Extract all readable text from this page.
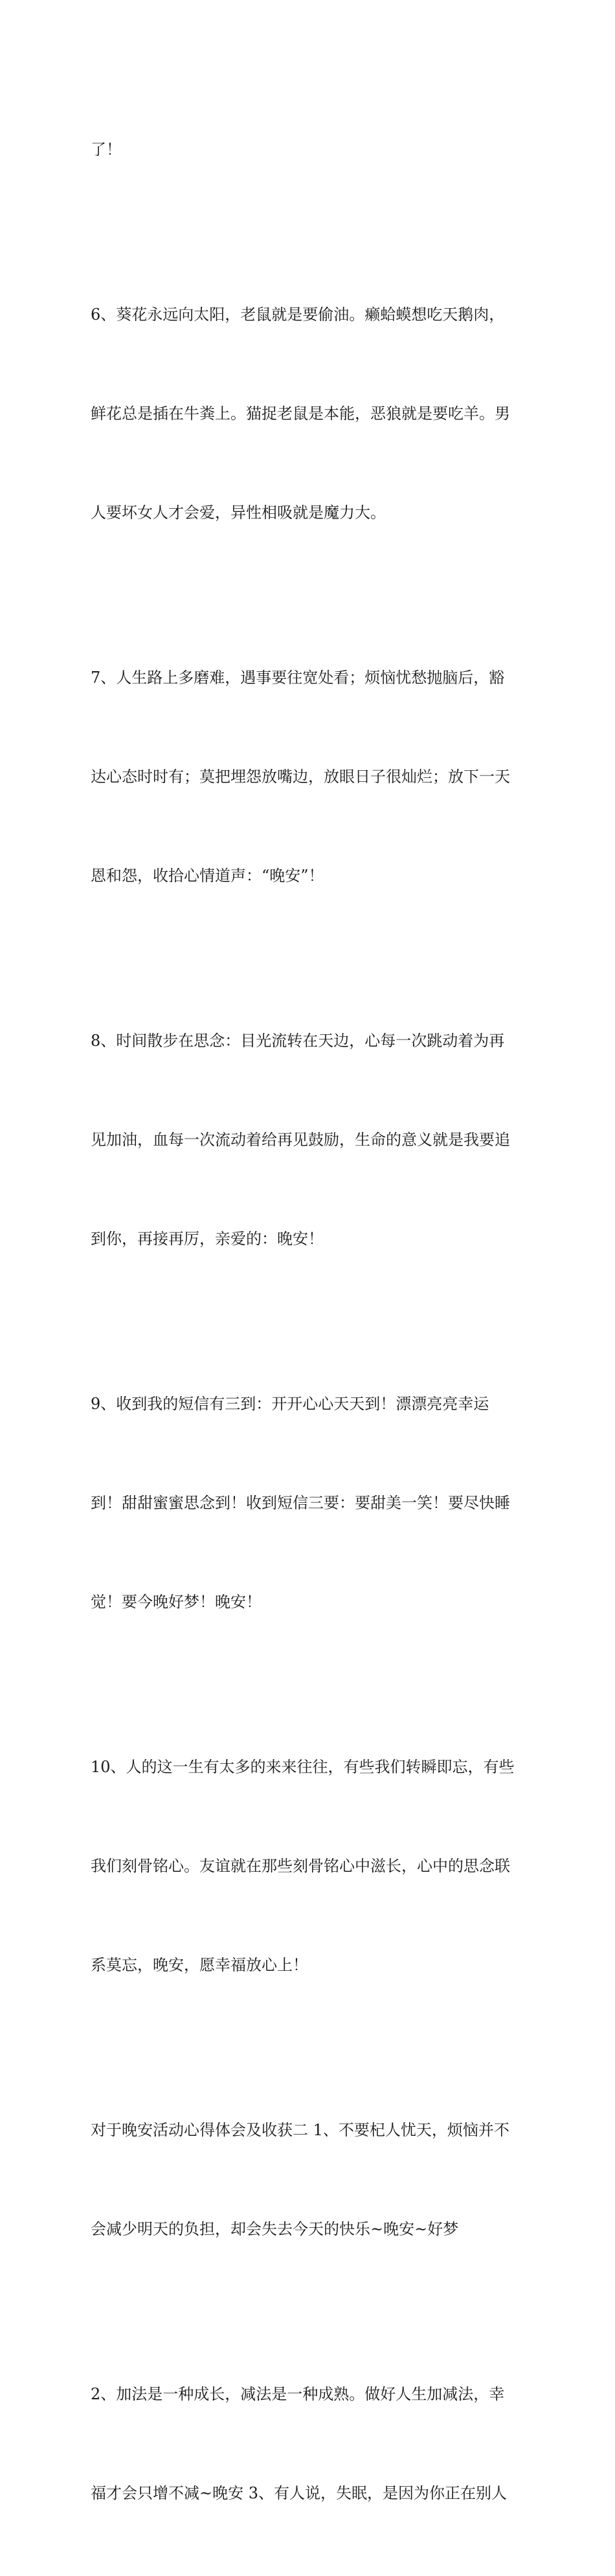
了！

6、葵花永远向太阳，老鼠就是要偷油。癞蛤蟆想吃天鹅肉，

鲜花总是插在牛粪上。猫捉老鼠是本能，恶狼就是要吃羊。男

人要坏女人才会爱，异性相吸就是魔力大。

7、人生路上多磨难，遇事要往宽处看；烦恼忧愁抛脑后，豁

达心态时时有；莫把埋怨放嘴边，放眼日子很灿烂；放下一天

恩和怨，收拾心情道声：“晚安”！

8、时间散步在思念：目光流转在天边，心每一次跳动着为再

见加油，血每一次流动着给再见鼓励，生命的意义就是我要追

到你，再接再厉，亲爱的：晚安！

9、收到我的短信有三到：开开心心天天到！漂漂亮亮幸运

到！甜甜蜜蜜思念到！收到短信三要：要甜美一笑！要尽快睡

觉！要今晚好梦！晚安！

10、人的这一生有太多的来来往往，有些我们转瞬即忘，有些

我们刻骨铭心。友谊就在那些刻骨铭心中滋长，心中的思念联

系莫忘，晚安，愿幸福放心上！

对于晚安活动心得体会及收获二 1、不要杞人忧天，烦恼并不

会减少明天的负担，却会失去今天的快乐~晚安~好梦

2、加法是一种成长，减法是一种成熟。做好人生加减法，幸

福才会只增不减~晚安 3、有人说，失眠，是因为你正在别人
